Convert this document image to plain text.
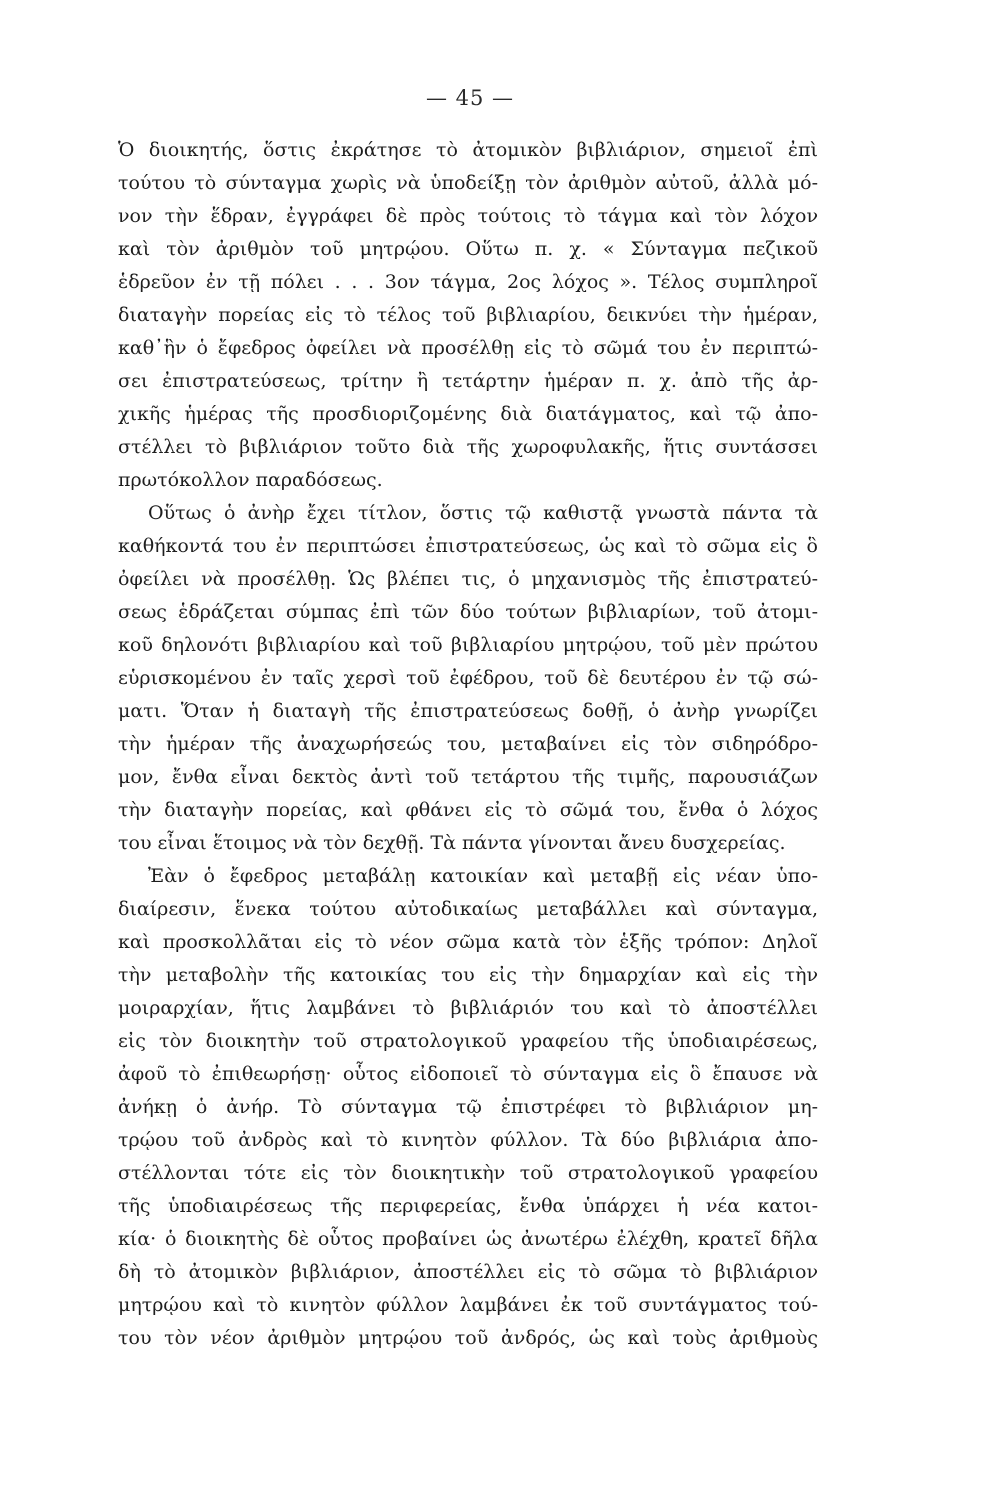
— 45 —
Ὁ διοικητής, ὅστις ἐκράτησε τὸ ἀτομικὸν βιβλιάριον, σημειοῖ ἐπὶ
τούτου τὸ σύνταγμα χωρὶς νὰ ὑποδείξῃ τὸν ἀριθμὸν αὐτοῦ, ἀλλὰ μό-
νον τὴν ἕδραν, ἐγγράφει δὲ πρὸς τούτοις τὸ τάγμα καὶ τὸν λόχον
καὶ τὸν ἀριθμὸν τοῦ μητρῴου. Οὕτω π. χ. « Σύνταγμα πεζικοῦ
ἑδρεῦον ἐν τῇ πόλει . . . 3ον τάγμα, 2ος λόχος ». Τέλος συμπληροῖ
διαταγὴν πορείας εἰς τὸ τέλος τοῦ βιβλιαρίου, δεικνύει τὴν ἡμέραν,
καθ᾽ἣν ὁ ἔφεδρος ὀφείλει νὰ προσέλθῃ εἰς τὸ σῶμά του ἐν περιπτώ-
σει ἐπιστρατεύσεως, τρίτην ἢ τετάρτην ἡμέραν π. χ. ἀπὸ τῆς ἀρ-
χικῆς ἡμέρας τῆς προσδιοριζομένης διὰ διατάγματος, καὶ τῷ ἀπο-
στέλλει τὸ βιβλιάριον τοῦτο διὰ τῆς χωροφυλακῆς, ἥτις συντάσσει
πρωτόκολλον παραδόσεως.
Οὕτως ὁ ἀνὴρ ἔχει τίτλον, ὅστις τῷ καθιστᾷ γνωστὰ πάντα τὰ
καθήκοντά του ἐν περιπτώσει ἐπιστρατεύσεως, ὡς καὶ τὸ σῶμα εἰς ὃ
ὀφείλει νὰ προσέλθῃ. Ὡς βλέπει τις, ὁ μηχανισμὸς τῆς ἐπιστρατεύ-
σεως ἑδράζεται σύμπας ἐπὶ τῶν δύο τούτων βιβλιαρίων, τοῦ ἀτομι-
κοῦ δηλονότι βιβλιαρίου καὶ τοῦ βιβλιαρίου μητρῴου, τοῦ μὲν πρώτου
εὑρισκομένου ἐν ταῖς χερσὶ τοῦ ἐφέδρου, τοῦ δὲ δευτέρου ἐν τῷ σώ-
ματι. Ὅταν ἡ διαταγὴ τῆς ἐπιστρατεύσεως δοθῇ, ὁ ἀνὴρ γνωρίζει
τὴν ἡμέραν τῆς ἀναχωρήσεώς του, μεταβαίνει εἰς τὸν σιδηρόδρο-
μον, ἔνθα εἶναι δεκτὸς ἀντὶ τοῦ τετάρτου τῆς τιμῆς, παρουσιάζων
τὴν διαταγὴν πορείας, καὶ φθάνει εἰς τὸ σῶμά του, ἔνθα ὁ λόχος
του εἶναι ἕτοιμος νὰ τὸν δεχθῇ. Τὰ πάντα γίνονται ἄνευ δυσχερείας.
Ἐὰν ὁ ἔφεδρος μεταβάλῃ κατοικίαν καὶ μεταβῇ εἰς νέαν ὑπο-
διαίρεσιν, ἕνεκα τούτου αὐτοδικαίως μεταβάλλει καὶ σύνταγμα,
καὶ προσκολλᾶται εἰς τὸ νέον σῶμα κατὰ τὸν ἑξῆς τρόπον: Δηλοῖ
τὴν μεταβολὴν τῆς κατοικίας του εἰς τὴν δημαρχίαν καὶ εἰς τὴν
μοιραρχίαν, ἥτις λαμβάνει τὸ βιβλιάριόν του καὶ τὸ ἀποστέλλει
εἰς τὸν διοικητὴν τοῦ στρατολογικοῦ γραφείου τῆς ὑποδιαιρέσεως,
ἀφοῦ τὸ ἐπιθεωρήσῃ· οὗτος εἰδοποιεῖ τὸ σύνταγμα εἰς ὃ ἔπαυσε νὰ
ἀνήκῃ ὁ ἀνήρ. Τὸ σύνταγμα τῷ ἐπιστρέφει τὸ βιβλιάριον μη-
τρῴου τοῦ ἀνδρὸς καὶ τὸ κινητὸν φύλλον. Τὰ δύο βιβλιάρια ἀπο-
στέλλονται τότε εἰς τὸν διοικητικὴν τοῦ στρατολογικοῦ γραφείου
τῆς ὑποδιαιρέσεως τῆς περιφερείας, ἔνθα ὑπάρχει ἡ νέα κατοι-
κία· ὁ διοικητὴς δὲ οὗτος προβαίνει ὡς ἀνωτέρω ἐλέχθη, κρατεῖ δῆλα
δὴ τὸ ἀτομικὸν βιβλιάριον, ἀποστέλλει εἰς τὸ σῶμα τὸ βιβλιάριον
μητρῴου καὶ τὸ κινητὸν φύλλον λαμβάνει ἐκ τοῦ συντάγματος τού-
του τὸν νέον ἀριθμὸν μητρῴου τοῦ ἀνδρός, ὡς καὶ τοὺς ἀριθμοὺς
